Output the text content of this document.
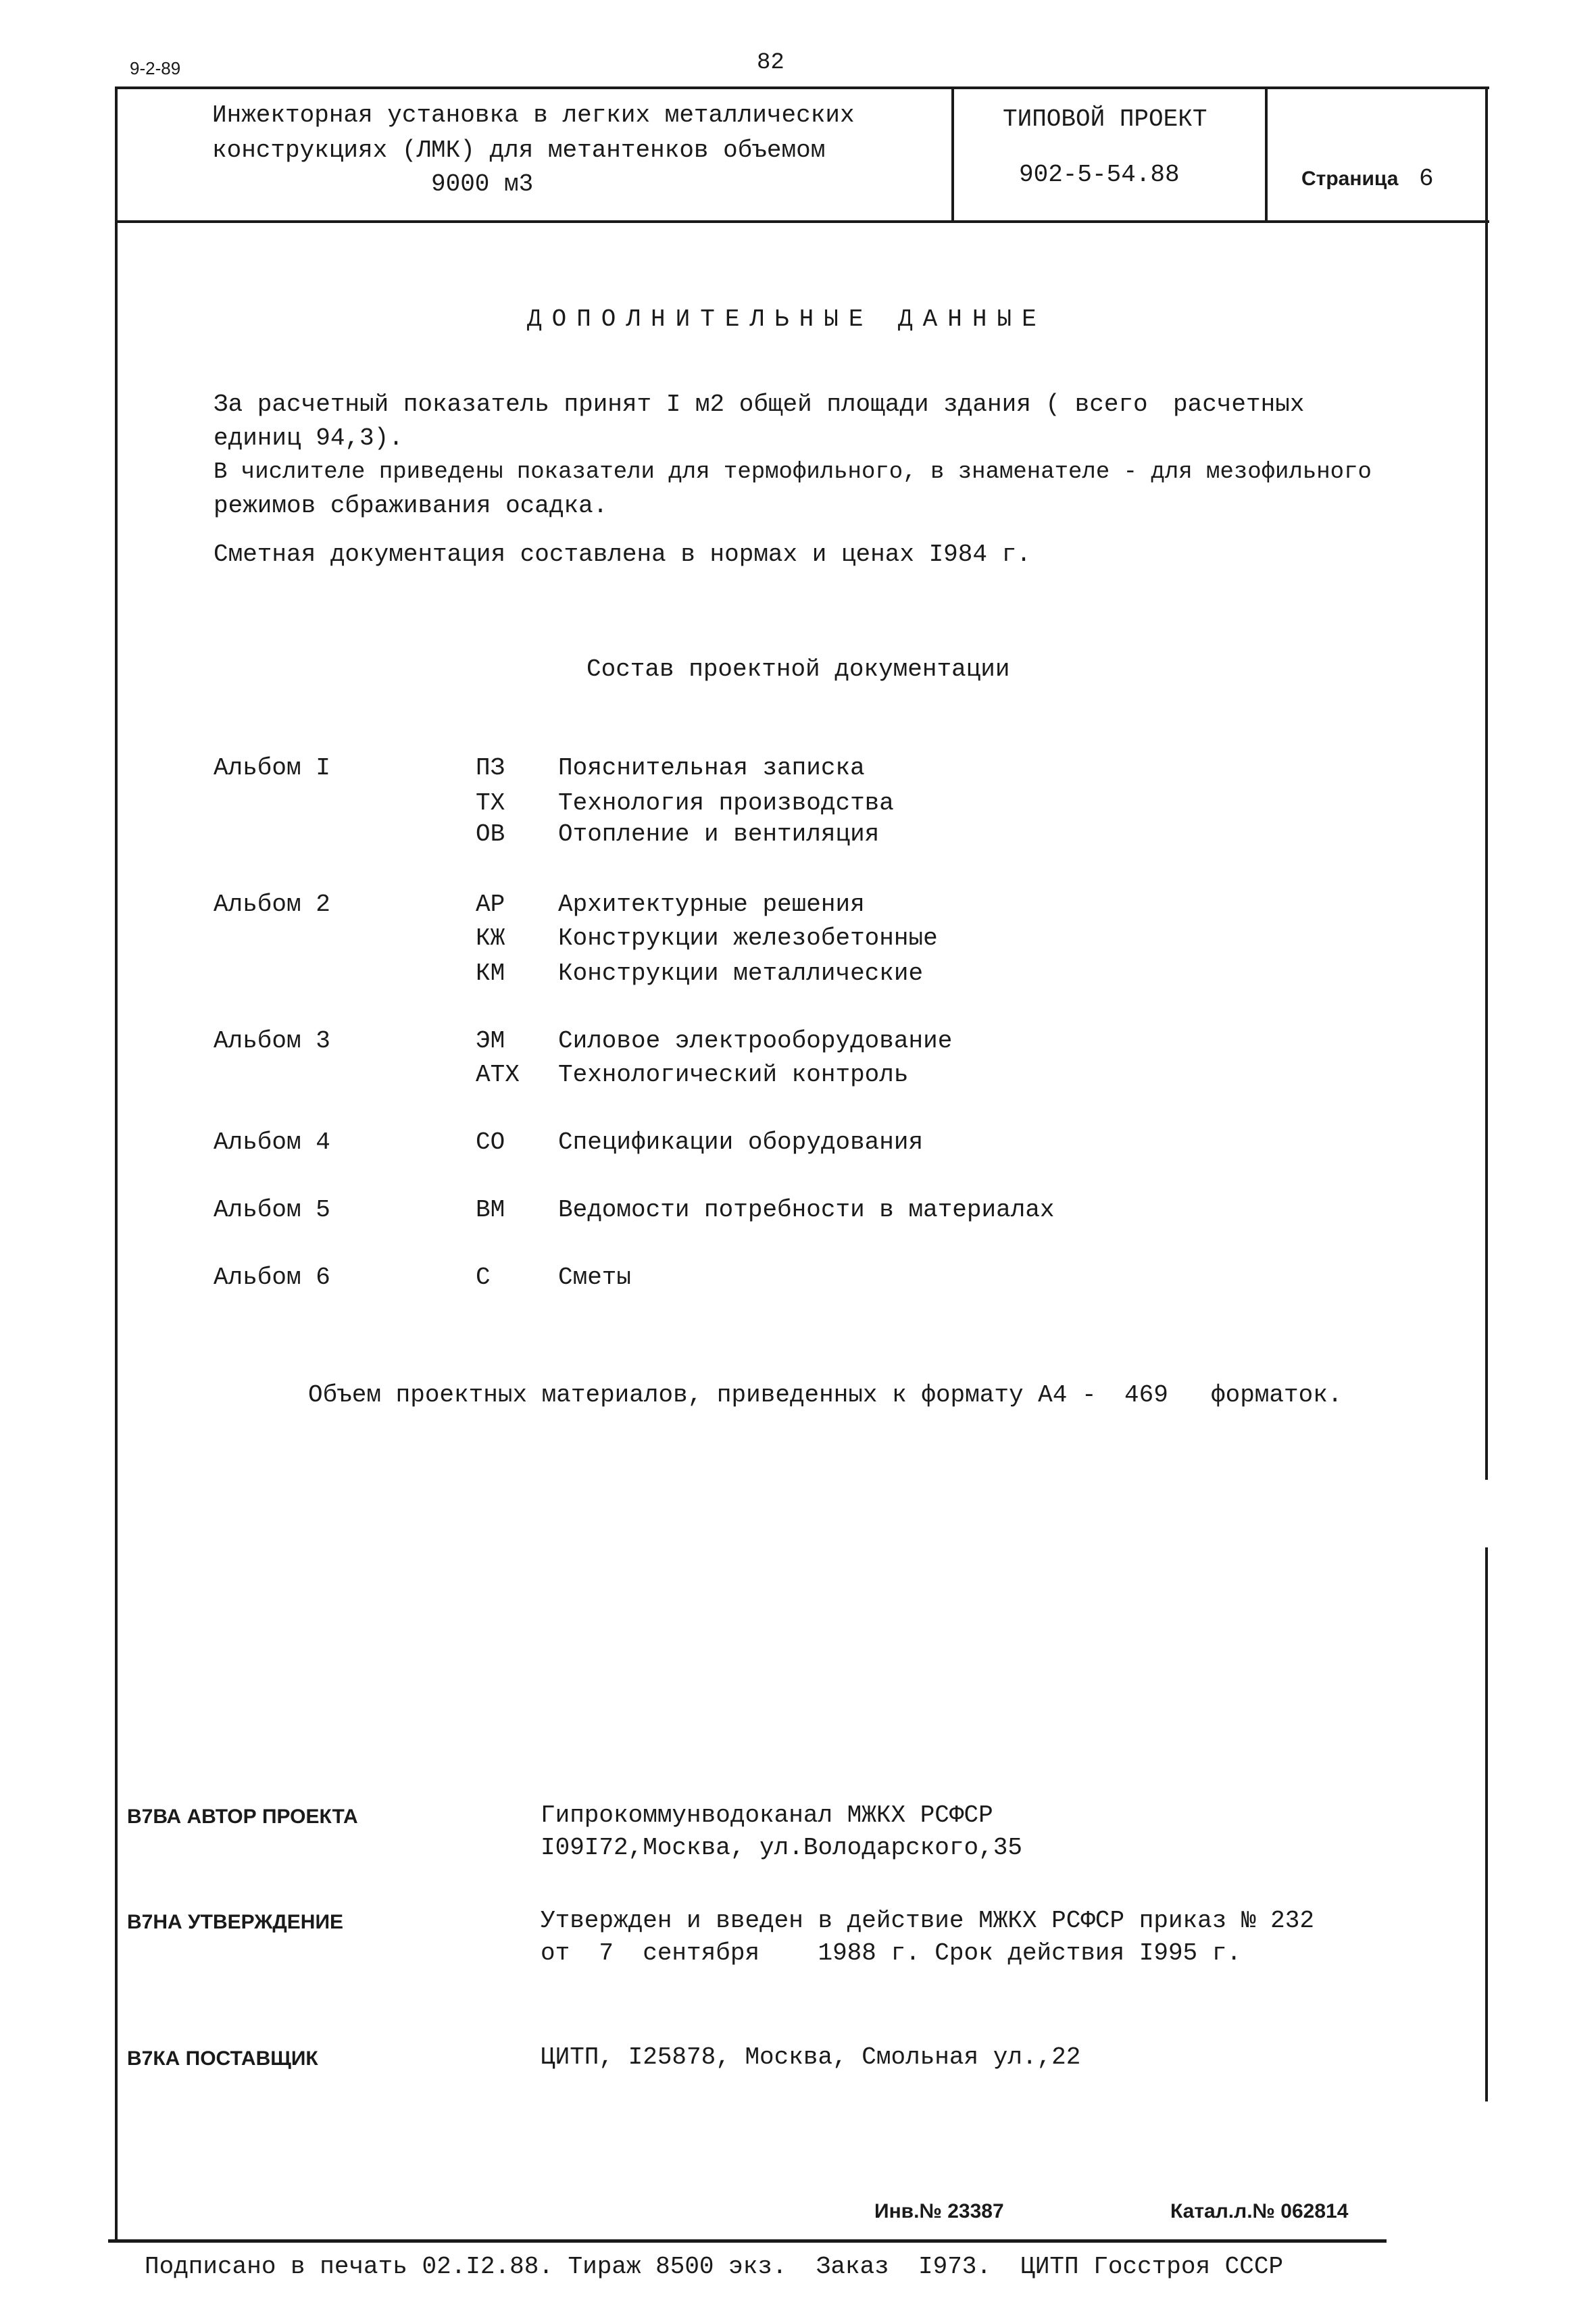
9-2-89	82
Инжекторная установка в легких металлических
конструкциях (ЛМК) для метантенков объемом
9000 м3
ТИПОВОЙ ПРОЕКТ
902-5-54.88	Страница 6
ДОПОЛНИТЕЛЬНЫЕ ДАННЫЕ
За расчетный показатель принят I м2 общей площади здания ( всего расчетных
единиц 94,3).
В числителе приведены показатели для термофильного, в знаменателе - для мезофильного
режимов сбраживания осадка.
Сметная документация составлена в нормах и ценах I984 г.
Состав проектной документации
Альбом I	ПЗ Пояснительная записка
ТХ Технология производства
ОВ Отопление и вентиляция
Альбом 2	АР Архитектурные решения
КЖ Конструкции железобетонные
КМ Конструкции металлические
Альбом 3	ЭМ Силовое электрооборудование
АТХ Технологический контроль
Альбом 4	СО Спецификации оборудования
Альбом 5	ВМ Ведомости потребности в материалах
Альбом 6	С	Сметы
Объем проектных материалов, приведенных к формату А4 - 469 форматок.
В7ВА АВТОР ПРОЕКТА	Гипрокоммунводоканал МЖКХ РСФСР
I09I72,Москва, ул.Володарского,35
В7НА УТВЕРЖДЕНИЕ	Утвержден и введен в действие МЖКХ РСФСР приказ № 232
от  7  сентября    1988 г. Срок действия I995 г.
В7КА ПОСТАВЩИК	ЦИТП, I25878, Москва, Смольная ул.,22
Инв.№ 23387	Катал.л.№ 062814
Подписано в печать 02.I2.88. Тираж 8500 экз.  Заказ  I973.  ЦИТП Госстроя СССР
